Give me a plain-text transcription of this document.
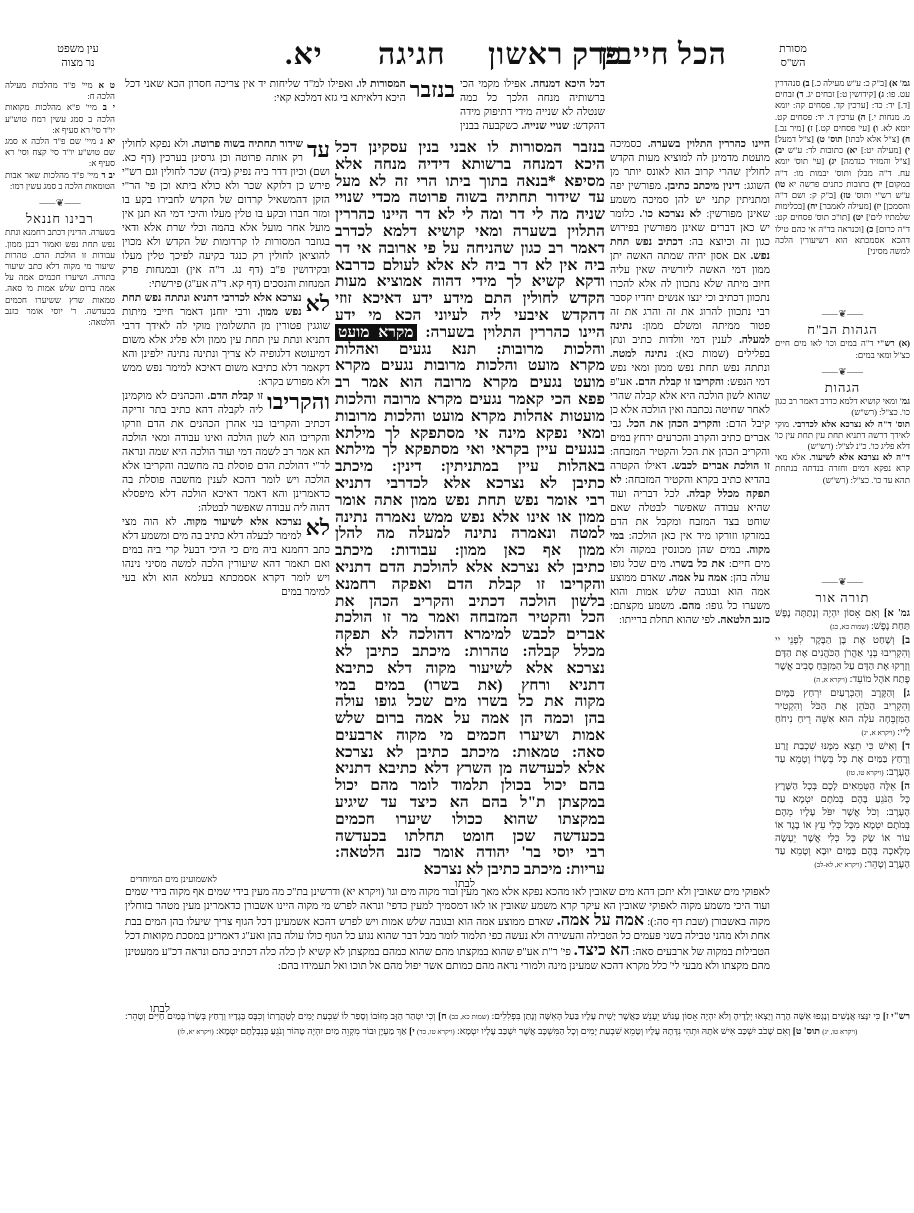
עין משפט
נר מצוה	יא. חגיגה פרק ראשון
הכל חייבין	מסורת
הש"ס
ט א מיי' פ"ד מהלכות מעילה הלכה ח:
י ב מיי' פ"א מהלכות מקואות הלכה ב סמג עשין רמח טוש"ע יו"ד סי' רא סעיף א:
יא ג מיי' שם פ"ד הלכה א סמג שם טוש"ע יו"ד סי' קצח וסי' רא סעיף א:
יב ד מיי' פ"ד מהלכות שאר אבות הטומאות הלכה ב סמג עשין רמו:
⸺❦⸺
רבינו חננאל
בשערה. הדינין דכתב רחמנא ונתת נפש תחת נפש ואמור רבנן ממון. עבודות זו הולכת הדם. טהרות שיעור מי מקוה דלא כתב שיעור בתורה. ושיערו חכמים אמה על אמה ברום שלש אמות מ' סאה. טמאות שרץ ששיערו חכמים בכעדשה. ר' יוסי אומר כזנב הלטאה:
בנזבר
המסורות לו. ואפילו למ"ד שליחות יד אין צריכה חסרון הכא שאני דכל היכא דלאיתא בי גזא דמלכא קאי:
דכל היכא דמנחה. אפילו מקמי הכי ברשותיה מנחה הלכך כל כמה שנטלה לא שנייה מידי דתיפוק מידה דהקדש: שנויי שנייה. כשקבעה בבנין
היינו כהררין התלוין בשערה. כסמיכה מועטת מדמינן לה למוציא מעות הקדש לחולין שהרי קרוב הוא לאונס יותר מן השוגג: דינין מיכתב כתיבן. מפורשין יפה ומתניתין קתני יש להן סמיכה משמע שאינן מפורשין: לא נצרכא כו'. כלומר יש כאן דברים שאינן מפורשין בפירוש כגון זה וכיוצא בה: דכתיב נפש תחת נפש. אם אסון יהיה שמתה האשה יתן ממון דמי האשה ליורשיה שאין עליה חיוב מיתה שלא נתכוון לה אלא להכרו נתכוון דכתיב וכי ינצו אנשים יחדיו קסבר רבי נתכוון להרוג את זה והרג את זה פטור ממיתה ומשלם ממון: נתינה למעלה. לענין דמי וולדות כתיב ונתן בפלילים (שמות כא): נתינה למטה. ונתתה נפש תחת נפש ממון ומאי נפש דמי הנפש: והקריבו זו קבלת הדם. אע"פ שהוא לשון הולכה היא אלא קבלה שהרי לאחר שחיטה נכתבה ואין הולכה אלא כן קיבל הדם: והקריב הכהן את הכל. גבי אברים כתיב והקרב והכרעים ירחץ במים והקריב הכהן את הכל והקטיר המזבחה: זו הולכת אברים לכבש. דאילו הקטרה בהדיא כתיב בקרא והקטיר המזבחה: לא תפקה מכלל קבלה. לכל דבריה ועוד שהיא עבודה שאפשר לבטלה שאם שוחט בצד המזבח ומקבל את הדם במזרקו וזורקו מיד אין כאן הולכה: במי מקוה. במים שהן מכונסין במקוה ולא מים חיים: את כל בשרו. מים שכל גופו עולה בהן: אמה על אמה. שאדם ממוצע אמה הוא ובגובה שלש אמות והוא משערו כל גופו: מהם. משמע מקצתם: כזנב הלטאה. לפי שהוא תחלת ברייתו:
בנזבר המסורות לו אבני בנין עסקינן דכל
היכא דמנחה ברשותא דידיה מנחה אלא
מסיפא *בנאה בתוך ביתו הרי זה לא מעל
עד שידור תחתיה בשוה פרוטה מכדי שנויי
שניה מה לי דר ומה לי לא דר היינו כהררין
התלוין בשערה ומאי קושיא דלמא לכדרב
דאמר רב כגון שהניחה על פי ארובה אי דר
ביה אין לא דר ביה לא אלא לעולם כדרבא
ודקא קשיא לך מידי דהוה אמוציא מעות
הקדש לחולין התם מידע ידע דאיכא זוזי
דהקדש איבעי ליה לעיוני הכא מי ידע
היינו כהררין התלוין בשערה: מקרא מועט
והלכות מרובות: תנא נגעים ואהלות
מקרא מועט והלכות מרובות נגעים מקרא
מועט נגעים מקרא מרובה הוא אמר רב
פפא הכי קאמר נגעים מקרא מרובה והלכות
מועטות אהלות מקרא מועט והלכות מרובות
ומאי נפקא מינה אי מסתפקא לך מילתא
בנגעים עיין בקראי ואי מסתפקא לך מילתא
באהלות עיין במתניתין: דינין: מיכתב
כתיבן לא נצרכא אלא לכדרבי דתניא
רבי אומר נפש תחת נפש ממון אתה אומר
ממון או אינו אלא נפש ממש נאמרה נתינה
למטה ונאמרה נתינה למעלה מה להלן
ממון אף כאן ממון: עבודות: מיכתב
כתיבן לא נצרכא אלא להולכת הדם דתניא
והקריבו זו קבלת הדם ואפקה רחמנא
בלשון הולכה דכתיב והקריב הכהן את
הכל והקטיר המזבחה ואמר מר זו הולכת
אברים לכבש למימרא דהולכה לא תפקה
מכלל קבלה: טהרות: מיכתב כתיבן לא
נצרכא אלא לשיעור מקוה דלא כתיבא
דתניא ורחץ (את בשרו) במים במי
מקוה את כל בשרו מים שכל גופו עולה
בהן וכמה הן אמה על אמה ברום שלש
אמות ושיערו חכמים מי מקוה ארבעים
סאה: טמאות: מיכתב כתיבן לא נצרכא
אלא לכעדשה מן השרץ דלא כתיבא דתניא
בהם יכול בכולן תלמוד לומר מהם יכול
במקצתן ת"ל בהם הא כיצד עד שיגיע
במקצתו שהוא ככולו שיערו חכמים
בכעדשה שכן חומט תחלתו בכעדשה
רבי יוסי בר' יהודה אומר כזנב הלטאה:
עריות: מיכתב כתיבן לא נצרכא
לבתו
עד
שידור תחתיה בשוה פרוטה. ולא נפקא לחולין רק אותה פרוטה וכן גרסינן בערכין (דף כא. ושם) וכיון דדר ביה נפיק (ביה) שכר לחולין וגם רש"י פירש כן דלוקא שכר ולא כולא ביתא וכן פי' הר"י הזקן דהמשאיל קרדום של הקדש לחבירו בקע בו ומזר חברו ובקע בו טלין מעלו והיכי דמי הא תנן אין מועל אחר מועל אלא בהמה וכלי שרת אלא ודאי בגוזבר המסורות לו קרדומות של הקדש ולא מכוין להוציאן לחולין רק כנגד בקיעה לפיכך טלין מעלו ובקידושין פ"ב (דף נג. ד"ה אין) ובמנחות פרק המנחות והנסכים (דף קא. ד"ה אע"ג) פירשתי:
לא
נצרכא אלא לכדרבי דתניא ונתתה נפש תחת נפש ממון. ורבי יוחנן דאמר חייבי מיתות שוגגין פטורין מן התשלומין מוקי לה לאידך דרבי דתניא ונתת עין תחת עין ממון ולא פליג אלא משום דמיעוטא דלגופיה לא צריך ונתינה נתינה ילפינן והא דקאמר דלא כתיבא משום דאיכא למימר נפש ממש ולא מפורש בקרא:
והקריבו
זו קבלת הדם. והכהנים לא מוקמינן ליה לקבלה דהא כתיב בתר זריקה דכתיב והקריבו בני אהרן הכהנים את הדם וזרקו והקריבו הוא לשון הולכה ואינו עבודה ומאי הולכה הא אמר רב לשמה דמי ועוד הולכה היא שמה ונראה לר"י דהולכת הדם פוסלת בה מחשבה והקריבו אלא הולכה ויש לומר דהכא לענין מחשבה פוסלת בה כדאמרינן והא דאמר דאיכא הולכה דלא מיפסלא דהוה ליה עבודה שאפשר לבטלה:
לא
נצרכא אלא לשיעור מקוה. לא הוה מצי למימר לבעלה דלא כתיב בה מים ומשמע דלא כתב רחמנא ביה מים כי היכי דבעל קרי ביה במים ואם תאמר דהא שיעורין הלכה למשה מסיני נינהו ויש לומר דקרא אסמכתא בעלמא הוא ולא בעי למימר במים
לאשמועינן מים המיוחדים
לאפוקי מים שאובין ולא יתכן דהא מים שאובין לאו מהכא נפקא אלא מאך מעין ובור מקוה מים וגו' (ויקרא יא) ודרשינן בת"כ מה מעין בידי שמים אף מקוה בידי שמים ועוד היכי משמע מקוה לאפוקי שאובין הא עיקר קרא משמע שאובין או לאו דמסמיך למעין כדפי' ונראה לפרש מי מקוה היינו אשבורן כדאמרינן מעין מטהר בזוחלין מקוה באשבורן (שבת דף סה:): אמה על אמה. שאדם ממוצע אמה הוא ובגובה שלש אמות ויש לפרש דהכא אשמעינן דכל הגוף צריך שיעלו בהן המים בבת אחת ולא מהני טבילה בשני פעמים כל הטבילה והעשירה ולא נעשה כפי תלמוד לומר מבל דבר שהוא נגוע כל הגוף כולו עולה בהן ואע"ג דאמרינן במסכת מקואות דכל הטבילות במקוה של ארבעים סאה: הא כיצד. פי' ר"ת אע"פ שהוא במקצתו מהם שהוא כמהם במקצתן לא קשיא לן כלה כלה דכתיב כהם ונראה דכ"ע ממעטינן מהם מקצתו ולא מבעי לי' כלל מקרא דהכא שמעינן מינה ולמורי נראה מהם כמותם אשר יפול מהם אל תוכו ואל תעמידו בהם:
לבתו
גמ' א) [ב"ק כ: ע"ש מעילה כ.] ב) סנהדרין עט. פו: ג) [קידושין ט:] זבחים יג. ד) זבחים [ד.] יד: כד: [ערכין קד. פסחים קה: יומא מ. מנחות י.] ה) ערכין ד. יד: פסחים קט. יומא לא. ו) [עי' פסחים קט.] ז) [מיר נב.] ח) [צ"ל אלא לבתו] תוס' ט) [צ"ל דמעל] י) [מעילה יט:] יא) כתובות לד: ע"ש יב) [צ"ל והמזיד כנדמה] יג) [עי' תוס' יומא עח. ד"ה מבלן ותוס' יבמות מו: ד"ה במקום] יד) כתובות כתנים פרשה יא טו) ע"ש רש"י ותוס' טז) [ב"ק ק: ושם ד"ה והסמכן] יז) [מעילה לאמבר] יח) [בכלימות שלמתיו לים'] יט) [תו"כ תוס' פסחים קט: ד"ה כרום] כ) [וכנראה בד"ה אי כהם טילו דהכא אסמכתא הוא דשיעורין הלכה למשה מסיני]
⸺❦⸺
הגהות הב"ח
(א) רש"י ד"ה במים וכו' לאו מים חיים כצ"ל ומאי במים:
⸺❦⸺
הגהות
גמ' ומאי קושיא דלמא כדרב דאמר רב כגון כו'. כצ"ל: (רש"ש)
תוס' ד"ה לא נצרכא אלא לכדרבי. מוקי לאידך דרשה דתניא תחת עין תחת עין כו' דלא פליג כו'. כ"נ לצ"ל: (רש"ש)
ד"ה לא נצרכא אלא לשיעור. אלא מאי קרא נפקא דמים וחזרה בנדתה בנתחת תהא עד כו'. כצ"ל: (רש"ש)
⸺❦⸺
תורה אור
גמ' א] וְאִם אָסוֹן יִהְיֶה וְנָתַתָּה נֶפֶשׁ תַּחַת נָפֶשׁ: (שמות כא, כג)
ב] וְשָׁחַט אֶת בֶּן הַבָּקָר לִפְנֵי יי וְהִקְרִיבוּ בְּנֵי אַהֲרֹן הַכֹּהֲנִים אֶת הַדָּם וְזָרְקוּ אֶת הַדָּם עַל הַמִּזְבֵּחַ סָבִיב אֲשֶׁר פֶּתַח אֹהֶל מוֹעֵד: (ויקרא א, ה)
ג] וְהַקֶּרֶב וְהַכְּרָעַיִם יִרְחַץ בַּמָּיִם וְהִקְרִיב הַכֹּהֵן אֶת הַכֹּל וְהִקְטִיר הַמִּזְבֵּחָה עֹלָה הוּא אִשֵּׁה רֵיחַ נִיחֹחַ לַיי: (ויקרא א, יג)
ד] וְאִישׁ כִּי תֵצֵא מִמֶּנּוּ שִׁכְבַת זָרַע וְרָחַץ בַּמַּיִם אֶת כָּל בְּשָׂרוֹ וְטָמֵא עַד הָעָרֶב: (ויקרא טו, טז)
ה] אֵלֶּה הַטְּמֵאִים לָכֶם בְּכָל הַשָּׁרֶץ כָּל הַנֹּגֵעַ בָּהֶם בְּמֹתָם יִטְמָא עַד הָעָרֶב: וְכֹל אֲשֶׁר יִפֹּל עָלָיו מֵהֶם בְּמֹתָם יִטְמָא מִכָּל כְּלִי עֵץ אוֹ בֶגֶד אוֹ עוֹר אוֹ שָׂק כָּל כְּלִי אֲשֶׁר יֵעָשֶׂה מְלָאכָה בָּהֶם בַּמַּיִם יוּבָא וְטָמֵא עַד הָעֶרֶב וְטָהֵר: (ויקרא יא, לא-לב)
רש"י ז] כִּי יִנָּצוּ אֲנָשִׁים וְנָגְפוּ אִשָּׁה הָרָה וְיָצְאוּ יְלָדֶיהָ וְלֹא יִהְיֶה אָסוֹן עָנוֹשׁ יֵעָנֵשׁ כַּאֲשֶׁר יָשִׁית עָלָיו בַּעַל הָאִשָּׁה וְנָתַן בִּפְלִלִים: (שמות כא, כב) ח] וְכִי יִטְהַר הַזָּב מִזּוֹבוֹ וְסָפַר לוֹ שִׁבְעַת יָמִים לְטָהֳרָתוֹ וְכִבֶּס בְּגָדָיו וְרָחַץ בְּשָׂרוֹ בְּמַיִם חַיִּים וְטָהֵר: (ויקרא טו, יג) תוס' ט] וְאִם שָׁכֹב יִשְׁכַּב אִישׁ אֹתָהּ וּתְהִי נִדָּתָהּ עָלָיו וְטָמֵא שִׁבְעַת יָמִים וְכָל הַמִּשְׁכָּב אֲשֶׁר יִשְׁכַּב עָלָיו יִטְמָא: (ויקרא טו, כד) י] אַךְ מַעְיָן וּבוֹר מִקְוֵה מַיִם יִהְיֶה טָהוֹר וְנֹגֵעַ בְּנִבְלָתָם יִטְמָא: (ויקרא יא, לו)
